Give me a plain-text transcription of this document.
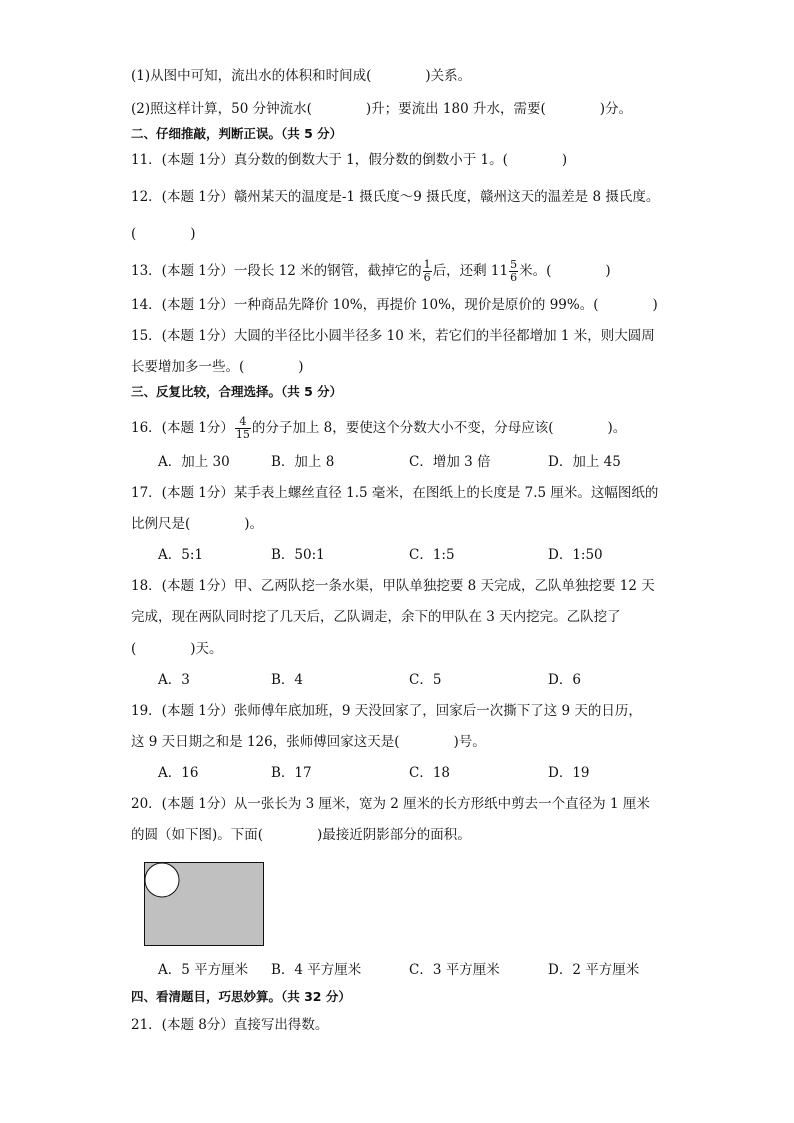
(1)从图中可知，流出水的体积和时间成(　　　　)关系。
(2)照这样计算，50 分钟流水(　　　　)升；要流出 180 升水，需要(　　　　)分。
二、仔细推敲，判断正误。（共 5 分）
11．(本题 1分）真分数的倒数大于 1，假分数的倒数小于 1。(　　　　)
12．(本题 1分）赣州某天的温度是-1 摄氏度～9 摄氏度，赣州这天的温差是 8 摄氏度。
(　　　　)
13．(本题 1分）一段长 12 米的钢管，截掉它的 $\frac{1}{6}$ 后，还剩 $11 \frac{5}{6}$ 米。(　　　　)
14．(本题 1分）一种商品先降价 10%，再提价 10%，现价是原价的 99%。(　　　　)
15．(本题 1分）大圆的半径比小圆半径多 10 米，若它们的半径都增加 1 米，则大圆周
长要增加多一些。(　　　　)
三、反复比较，合理选择。（共 5 分）
16．(本题 1分） $\frac{4}{15}$ 的分子加上 8，要使这个分数大小不变，分母应该(　　　　)。
A．加上 30	B．加上 8	C．增加 3 倍	D．加上 45
17．(本题 1分）某手表上螺丝直径 1.5 毫米，在图纸上的长度是 7.5 厘米。这幅图纸的
比例尺是(　　　　)。
A．5:1	B．50:1	C．1:5	D．1:50
18．(本题 1分）甲、乙两队挖一条水渠，甲队单独挖要 8 天完成，乙队单独挖要 12 天
完成，现在两队同时挖了几天后，乙队调走，余下的甲队在 3 天内挖完。乙队挖了
(　　　　)天。
A．3	B．4	C．5	D．6
19．(本题 1分）张师傅年底加班，9 天没回家了，回家后一次撕下了这 9 天的日历，
这 9 天日期之和是 126，张师傅回家这天是(　　　　)号。
A．16	B．17	C．18	D．19
20．(本题 1分）从一张长为 3 厘米，宽为 2 厘米的长方形纸中剪去一个直径为 1 厘米
的圆（如下图)。下面(　　　　)最接近阴影部分的面积。
A．5 平方厘米 B．4 平方厘米	C．3 平方厘米	D．2 平方厘米
四、看清题目，巧思妙算。（共 32 分）
21．(本题 8分）直接写出得数。
